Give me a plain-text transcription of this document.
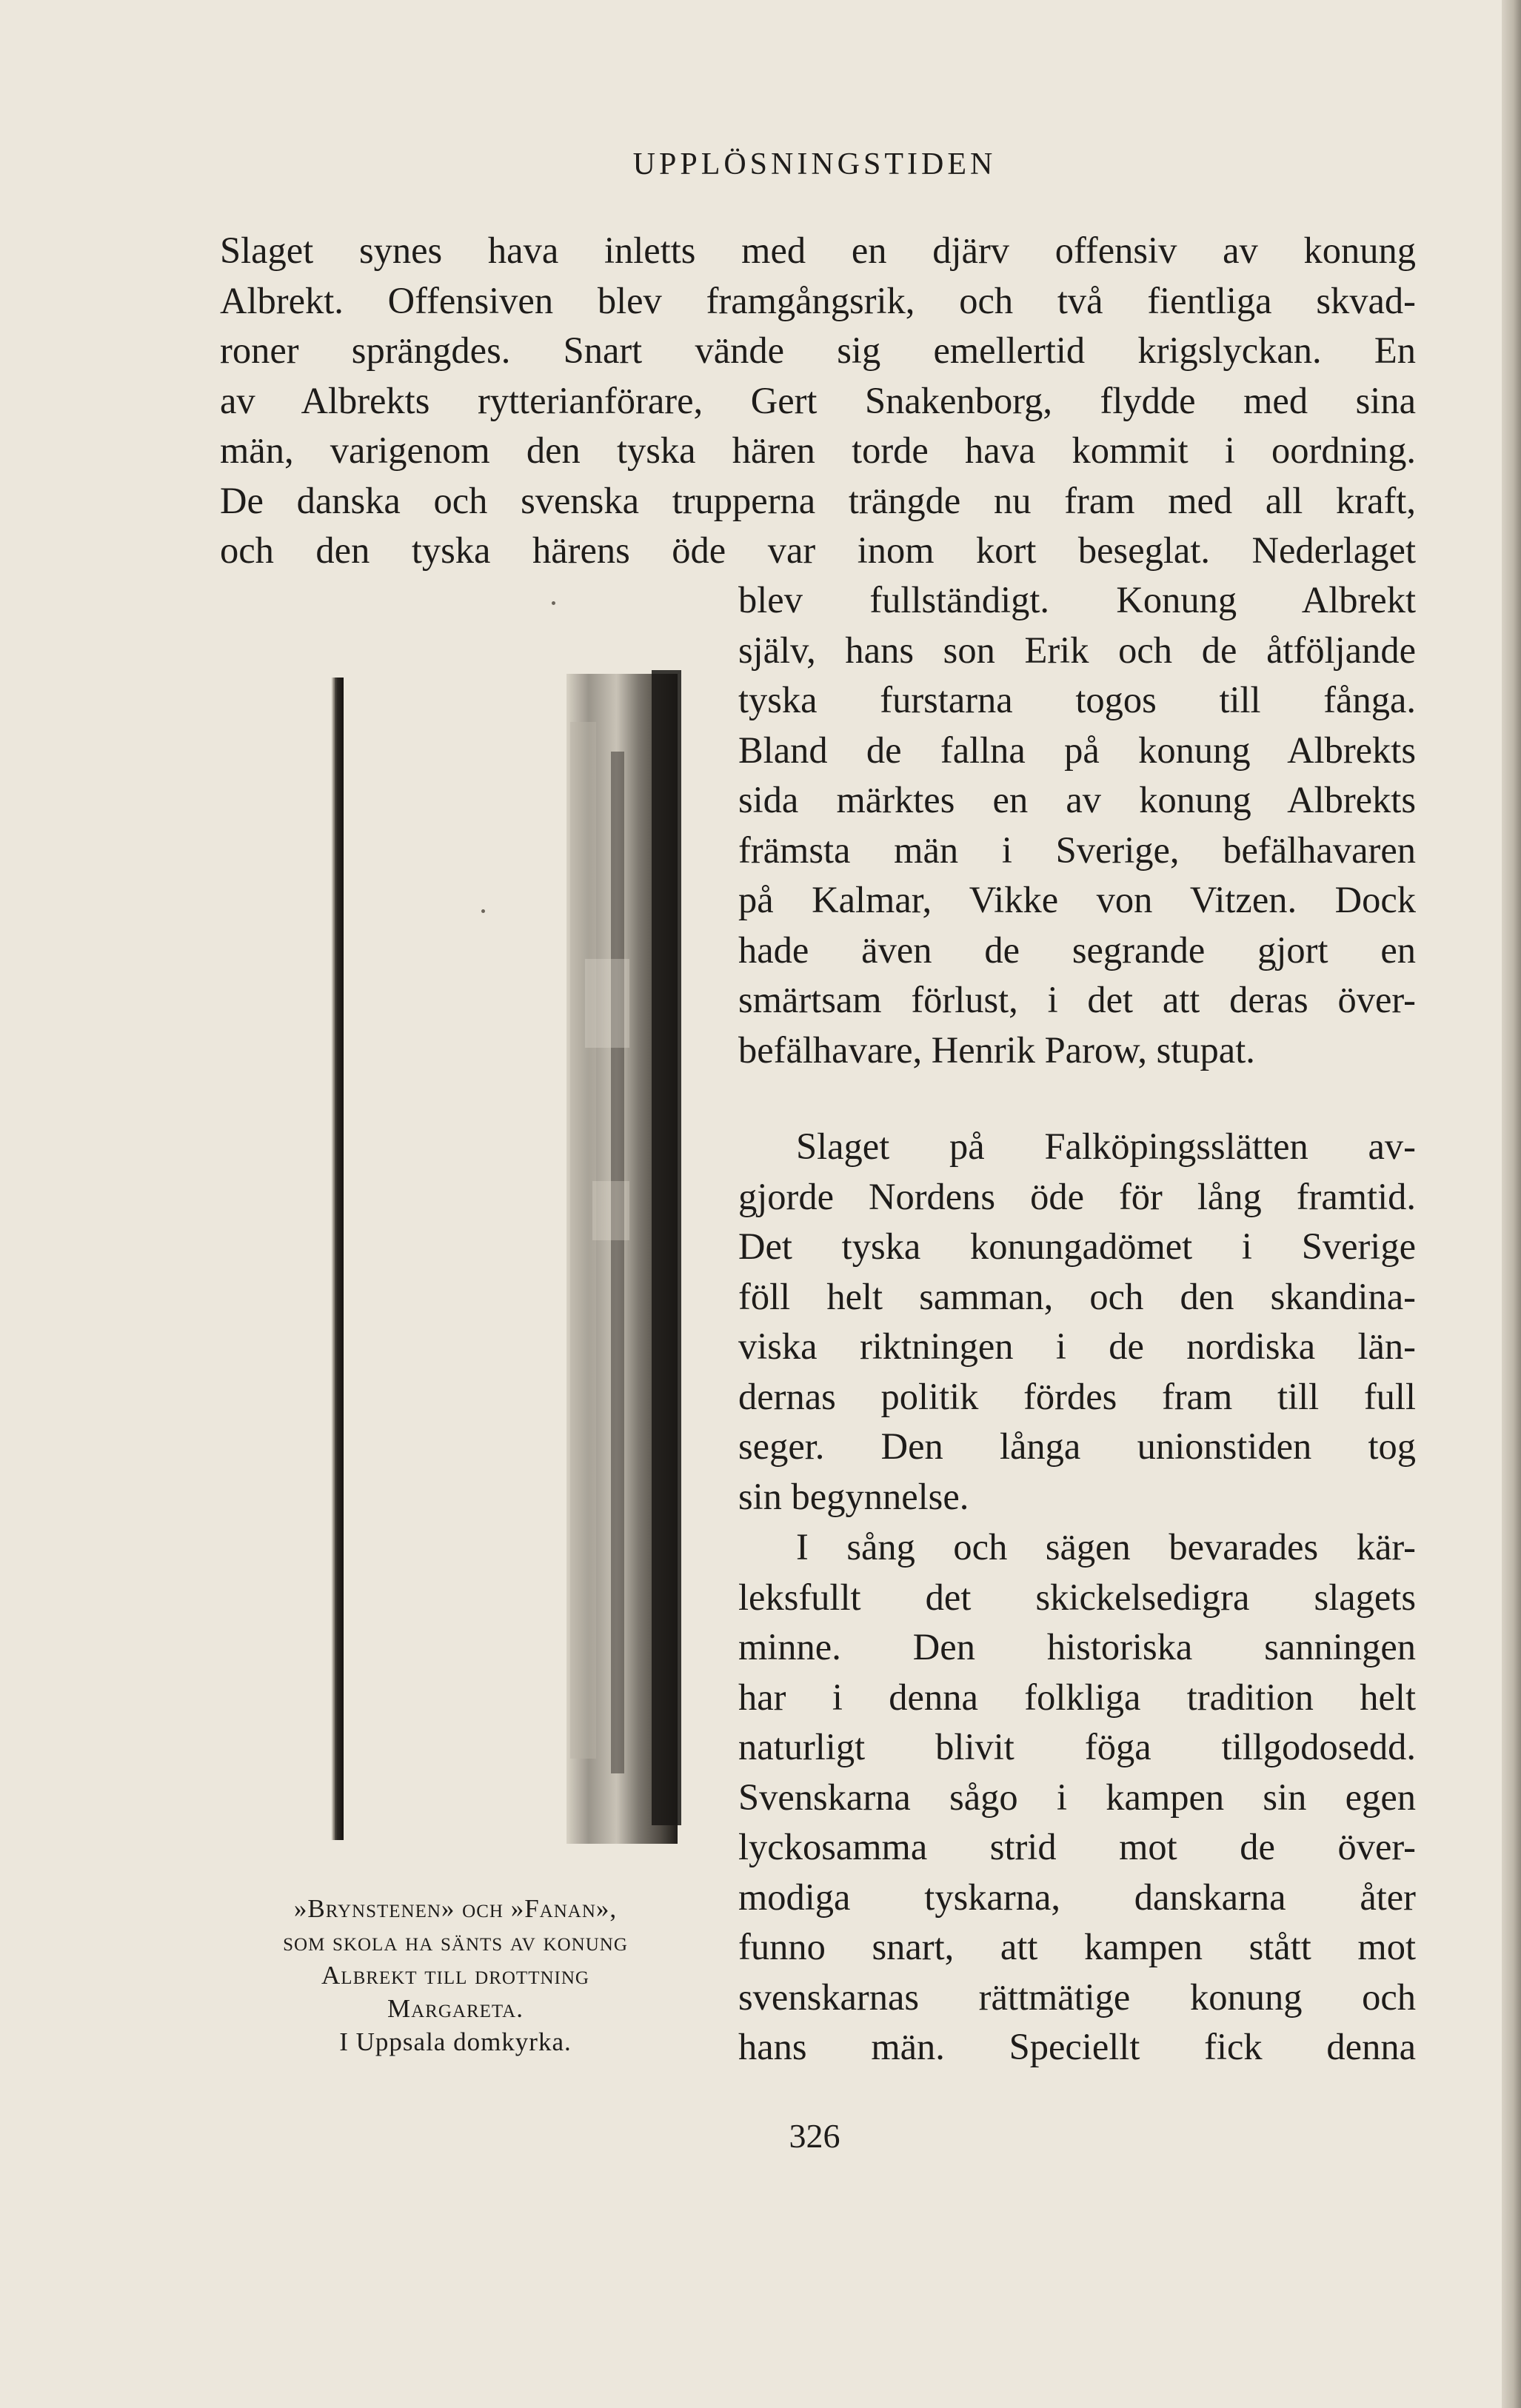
UPPLÖSNINGSTIDEN
Slaget synes hava inletts med en djärv offensiv av konung
Albrekt. Offensiven blev framgångsrik, och två fientliga skvad-
roner sprängdes. Snart vände sig emellertid krigslyckan. En
av Albrekts rytterianförare, Gert Snakenborg, flydde med sina
män, varigenom den tyska hären torde hava kommit i oordning.
De danska och svenska trupperna trängde nu fram med all kraft,
och den tyska härens öde var inom kort beseglat. Nederlaget
blev fullständigt. Konung Albrekt
själv, hans son Erik och de åtföljande
tyska furstarna togos till fånga.
Bland de fallna på konung Albrekts
sida märktes en av konung Albrekts
främsta män i Sverige, befälhavaren
på Kalmar, Vikke von Vitzen. Dock
hade även de segrande gjort en
smärtsam förlust, i det att deras över-
befälhavare, Henrik Parow, stupat.
Slaget på Falköpingsslätten av-
gjorde Nordens öde för lång framtid.
Det tyska konungadömet i Sverige
föll helt samman, och den skandina-
viska riktningen i de nordiska län-
dernas politik fördes fram till full
seger. Den långa unionstiden tog
sin begynnelse.
I sång och sägen bevarades kär-
leksfullt det skickelsedigra slagets
minne. Den historiska sanningen
har i denna folkliga tradition helt
naturligt blivit föga tillgodosedd.
Svenskarna sågo i kampen sin egen
lyckosamma strid mot de över-
modiga tyskarna, danskarna åter
funno snart, att kampen stått mot
svenskarnas rättmätige konung och
hans män. Speciellt fick denna
»Brynstenen» och »Fanan»,
som skola ha sänts av konung
Albrekt till drottning
Margareta.
I Uppsala domkyrka.
326
